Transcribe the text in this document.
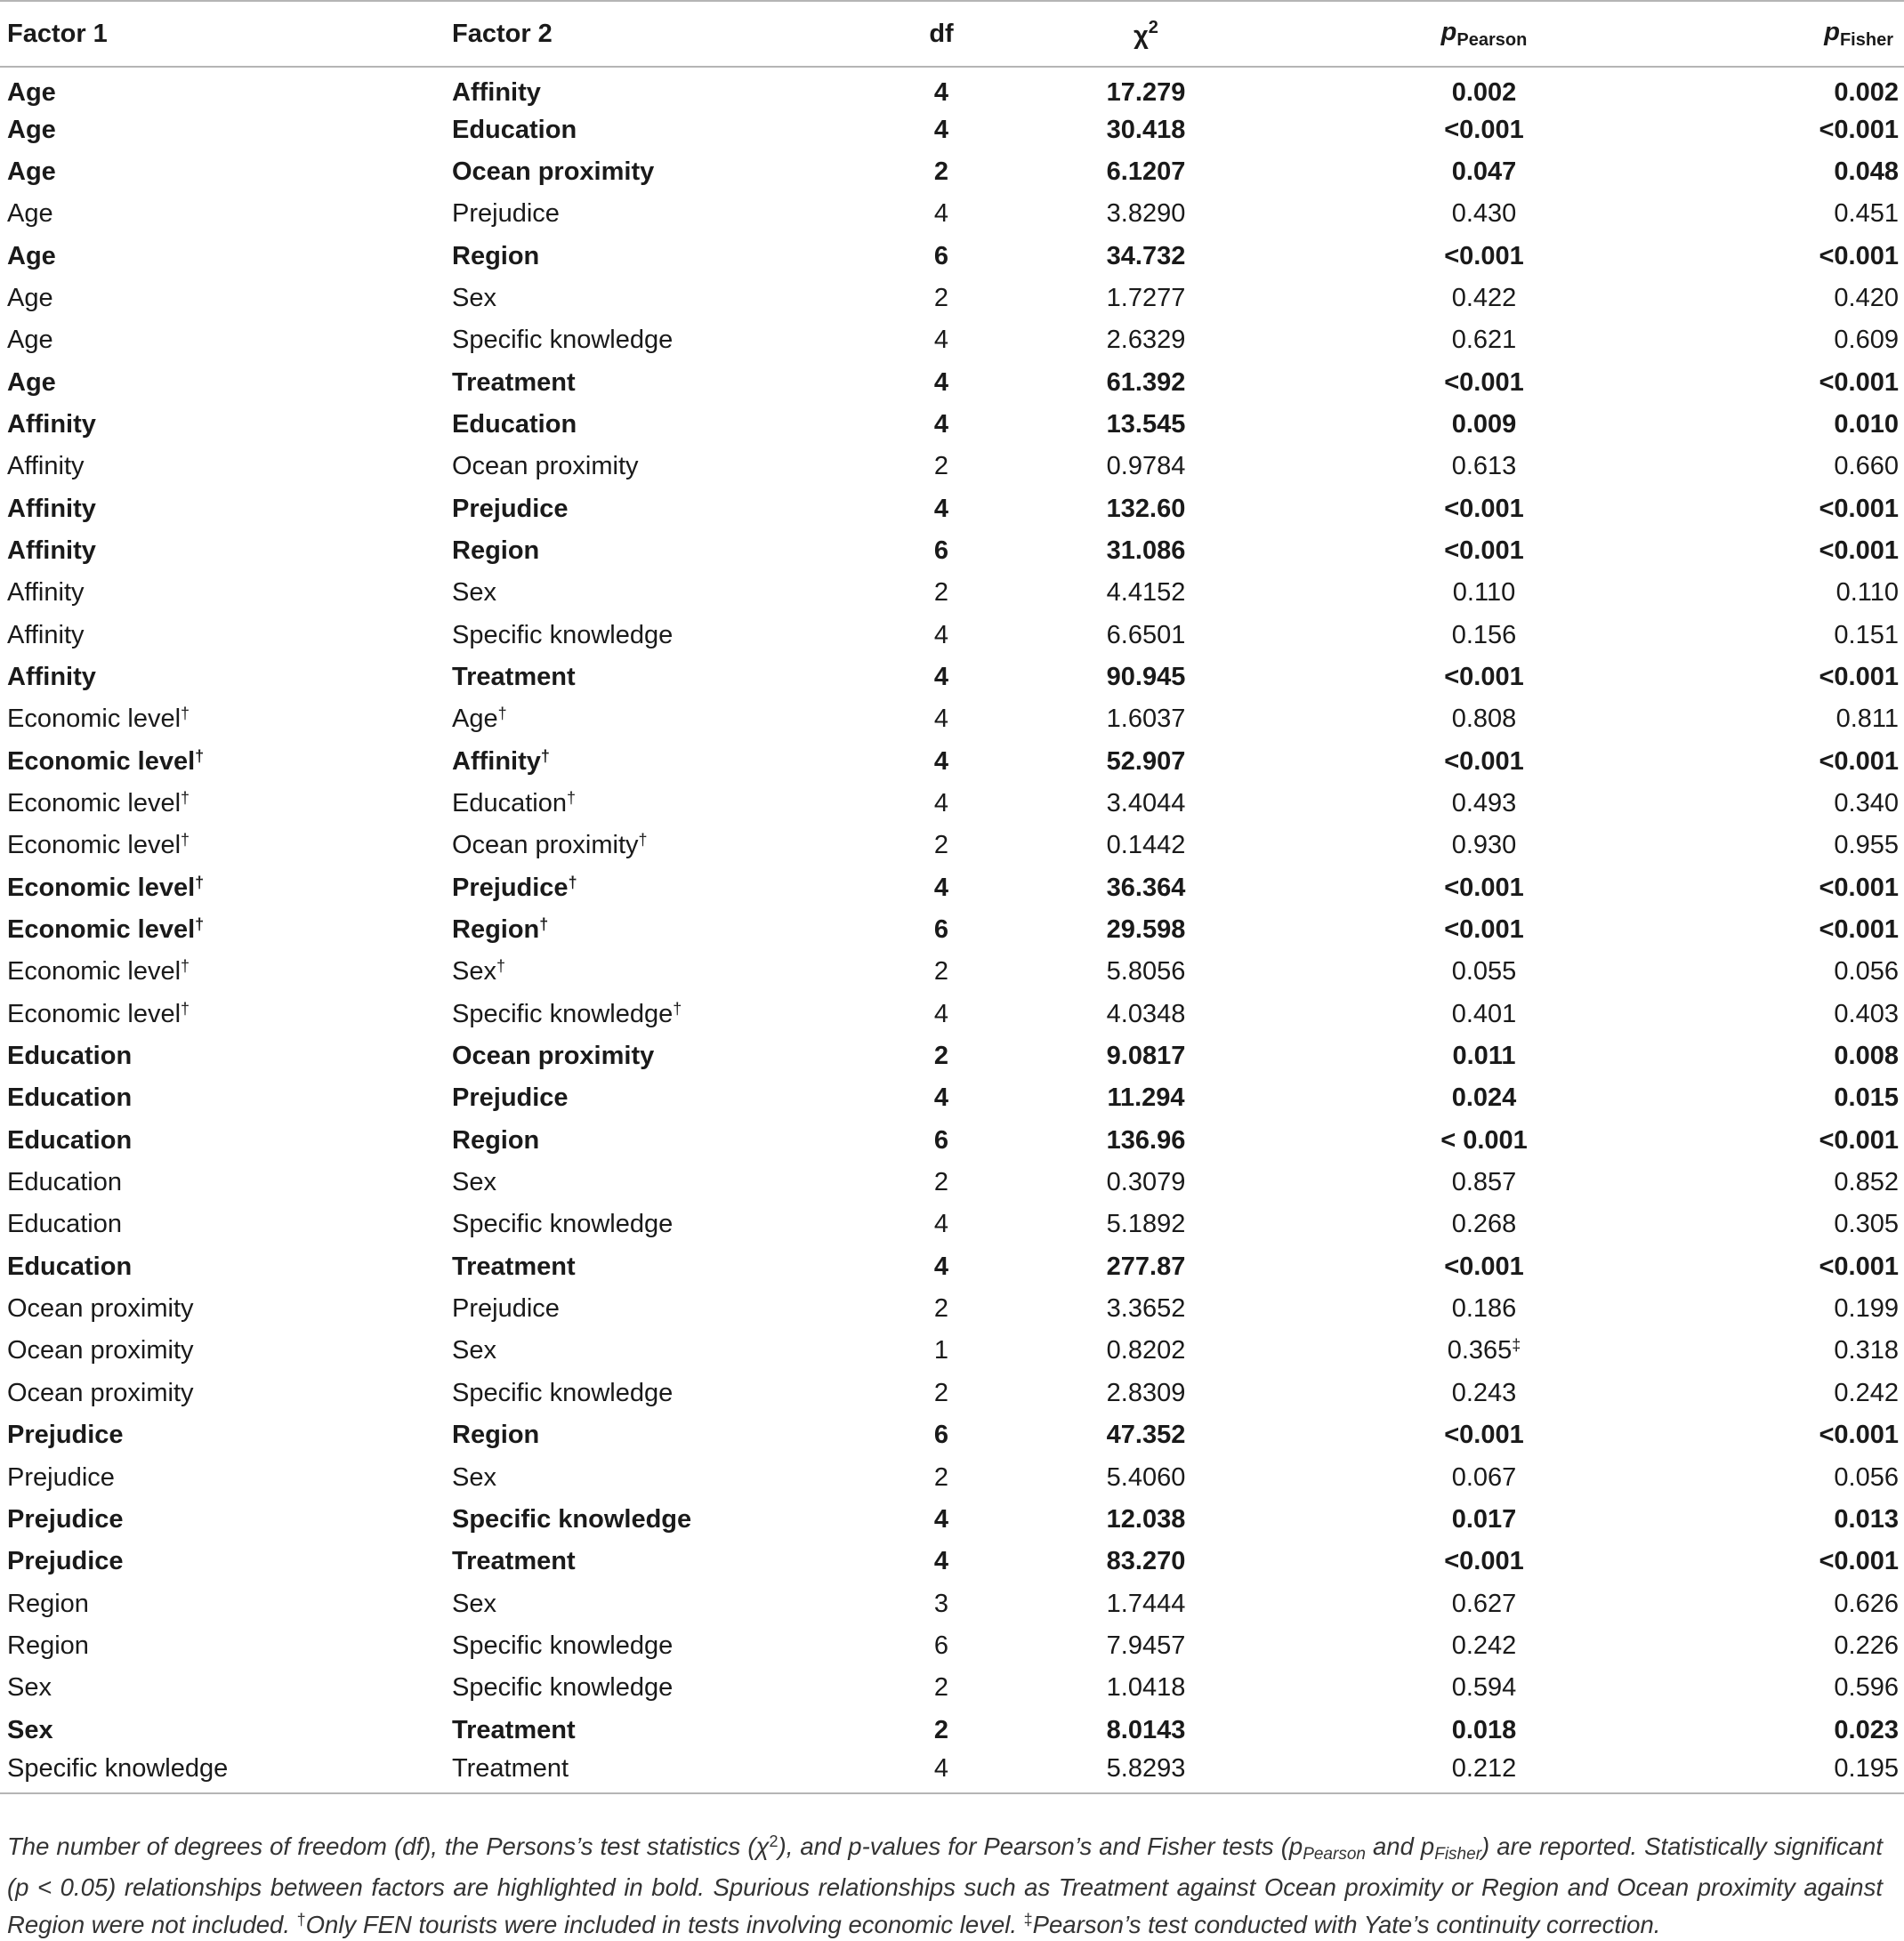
Factor 1	Factor 2	df	$\chi^2$	$p_{Pearson}$	$p_{Fisher}$
Age	Affinity	4	17.279	0.002	0.002
Age	Education	4	30.418	<0.001	<0.001
Age	Ocean proximity	2	6.1207	0.047	0.048
Age	Prejudice	4	3.8290	0.430	0.451
Age	Region	6	34.732	<0.001	<0.001
Age	Sex	2	1.7277	0.422	0.420
Age	Specific knowledge	4	2.6329	0.621	0.609
Age	Treatment	4	61.392	<0.001	<0.001
Affinity	Education	4	13.545	0.009	0.010
Affinity	Ocean proximity	2	0.9784	0.613	0.660
Affinity	Prejudice	4	132.60	<0.001	<0.001
Affinity	Region	6	31.086	<0.001	<0.001
Affinity	Sex	2	4.4152	0.110	0.110
Affinity	Specific knowledge	4	6.6501	0.156	0.151
Affinity	Treatment	4	90.945	<0.001	<0.001
Economic level†	Age†	4	1.6037	0.808	0.811
Economic level†	Affinity†	4	52.907	<0.001	<0.001
Economic level†	Education†	4	3.4044	0.493	0.340
Economic level†	Ocean proximity†	2	0.1442	0.930	0.955
Economic level†	Prejudice†	4	36.364	<0.001	<0.001
Economic level†	Region†	6	29.598	<0.001	<0.001
Economic level†	Sex†	2	5.8056	0.055	0.056
Economic level†	Specific knowledge†	4	4.0348	0.401	0.403
Education	Ocean proximity	2	9.0817	0.011	0.008
Education	Prejudice	4	11.294	0.024	0.015
Education	Region	6	136.96	< 0.001	<0.001
Education	Sex	2	0.3079	0.857	0.852
Education	Specific knowledge	4	5.1892	0.268	0.305
Education	Treatment	4	277.87	<0.001	<0.001
Ocean proximity	Prejudice	2	3.3652	0.186	0.199
Ocean proximity	Sex	1	0.8202	0.365‡	0.318
Ocean proximity	Specific knowledge	2	2.8309	0.243	0.242
Prejudice	Region	6	47.352	<0.001	<0.001
Prejudice	Sex	2	5.4060	0.067	0.056
Prejudice	Specific knowledge	4	12.038	0.017	0.013
Prejudice	Treatment	4	83.270	<0.001	<0.001
Region	Sex	3	1.7444	0.627	0.626
Region	Specific knowledge	6	7.9457	0.242	0.226
Sex	Specific knowledge	2	1.0418	0.594	0.596
Sex	Treatment	2	8.0143	0.018	0.023
Specific knowledge	Treatment	4	5.8293	0.212	0.195
The number of degrees of freedom (df), the Persons’s test statistics $(\chi^2)$, and p-values for Pearson’s and Fisher tests (pPearson and pFisher) are reported. Statistically significant (p < 0.05) relationships between factors are highlighted in bold. Spurious relationships such as Treatment against Ocean proximity or Region and Ocean proximity against Region were not included. †Only FEN tourists were included in tests involving economic level. ‡Pearson’s test conducted with Yate’s continuity correction.
